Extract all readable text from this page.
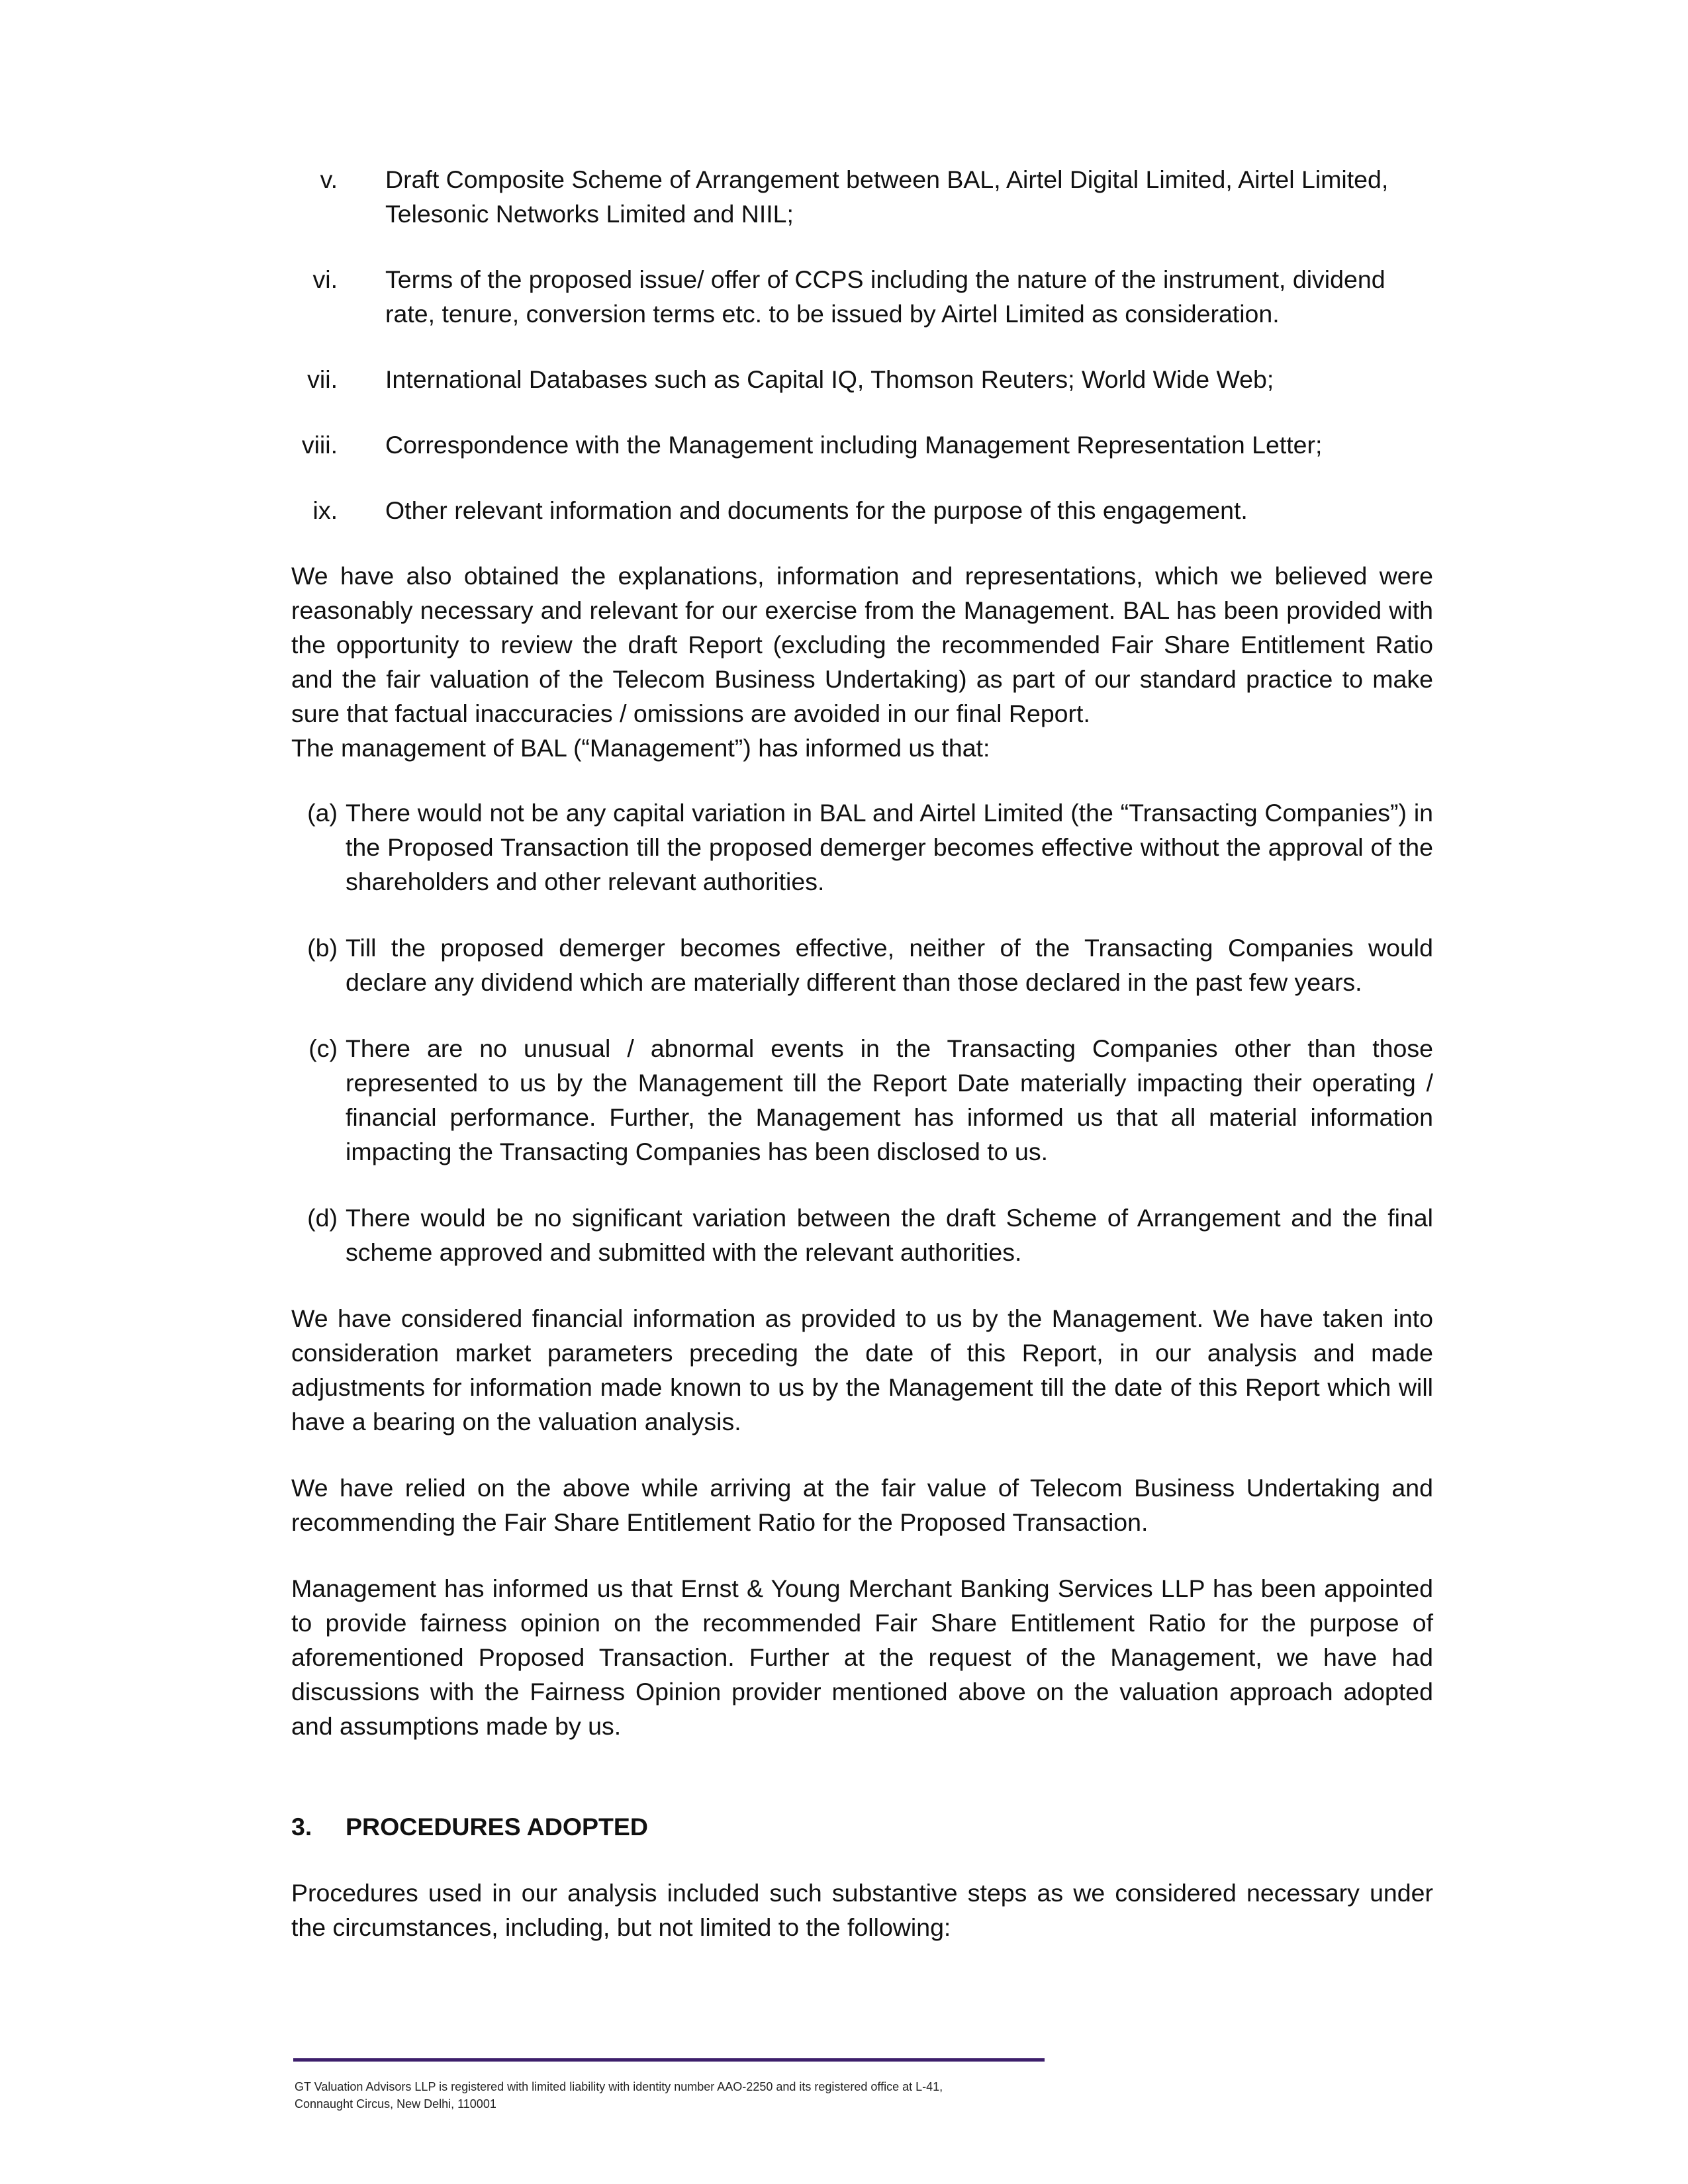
v.	Draft Composite Scheme of Arrangement between BAL, Airtel Digital Limited, Airtel Limited, Telesonic Networks Limited and NIIL;
vi.	Terms of the proposed issue/ offer of CCPS including the nature of the instrument, dividend rate, tenure, conversion terms etc. to be issued by Airtel Limited as consideration.
vii.	International Databases such as Capital IQ, Thomson Reuters; World Wide Web;
viii.	Correspondence with the Management including Management Representation Letter;
ix.	Other relevant information and documents for the purpose of this engagement.

We have also obtained the explanations, information and representations, which we believed were reasonably necessary and relevant for our exercise from the Management. BAL has been provided with the opportunity to review the draft Report (excluding the recommended Fair Share Entitlement Ratio and the fair valuation of the Telecom Business Undertaking) as part of our standard practice to make sure that factual inaccuracies / omissions are avoided in our final Report.

The management of BAL (“Management”) has informed us that:

(a) There would not be any capital variation in BAL and Airtel Limited (the “Transacting Companies”) in the Proposed Transaction till the proposed demerger becomes effective without the approval of the shareholders and other relevant authorities.
(b) Till the proposed demerger becomes effective, neither of the Transacting Companies would declare any dividend which are materially different than those declared in the past few years.
(c) There are no unusual / abnormal events in the Transacting Companies other than those represented to us by the Management till the Report Date materially impacting their operating / financial performance. Further, the Management has informed us that all material information impacting the Transacting Companies has been disclosed to us.
(d) There would be no significant variation between the draft Scheme of Arrangement and the final scheme approved and submitted with the relevant authorities.

We have considered financial information as provided to us by the Management. We have taken into consideration market parameters preceding the date of this Report, in our analysis and made adjustments for information made known to us by the Management till the date of this Report which will have a bearing on the valuation analysis.

We have relied on the above while arriving at the fair value of Telecom Business Undertaking and recommending the Fair Share Entitlement Ratio for the Proposed Transaction.

Management has informed us that Ernst & Young Merchant Banking Services LLP has been appointed to provide fairness opinion on the recommended Fair Share Entitlement Ratio for the purpose of aforementioned Proposed Transaction. Further at the request of the Management, we have had discussions with the Fairness Opinion provider mentioned above on the valuation approach adopted and assumptions made by us.

3.	PROCEDURES ADOPTED

Procedures used in our analysis included such substantive steps as we considered necessary under the circumstances, including, but not limited to the following:

GT Valuation Advisors LLP is registered with limited liability with identity number AAO-2250 and its registered office at L-41,
Connaught Circus, New Delhi, 110001
